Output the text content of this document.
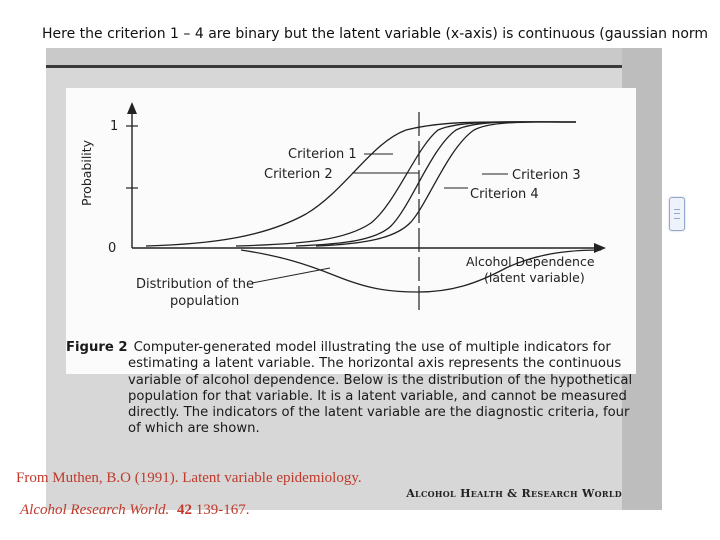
Here the criterion 1 – 4 are binary but the latent variable (x-axis) is continuous (gaussian norm
1
0
Probability	Criterion 1
Criterion 2	Criterion 3
Criterion 4
Distribution of the
population
Alcohol Dependence
(latent variable)
Figure 2 Computer-generated model illustrating the use of multiple indicators for
estimating a latent variable. The horizontal axis represents the continuous
variable of alcohol dependence. Below is the distribution of the hypothetical
population for that variable. It is a latent variable, and cannot be measured
directly. The indicators of the latent variable are the diagnostic criteria, four
of which are shown.
Alcohol Health & Research World
From Muthen, B.O (1991). Latent variable epidemiology.
Alcohol Research World. 42 139-167.
